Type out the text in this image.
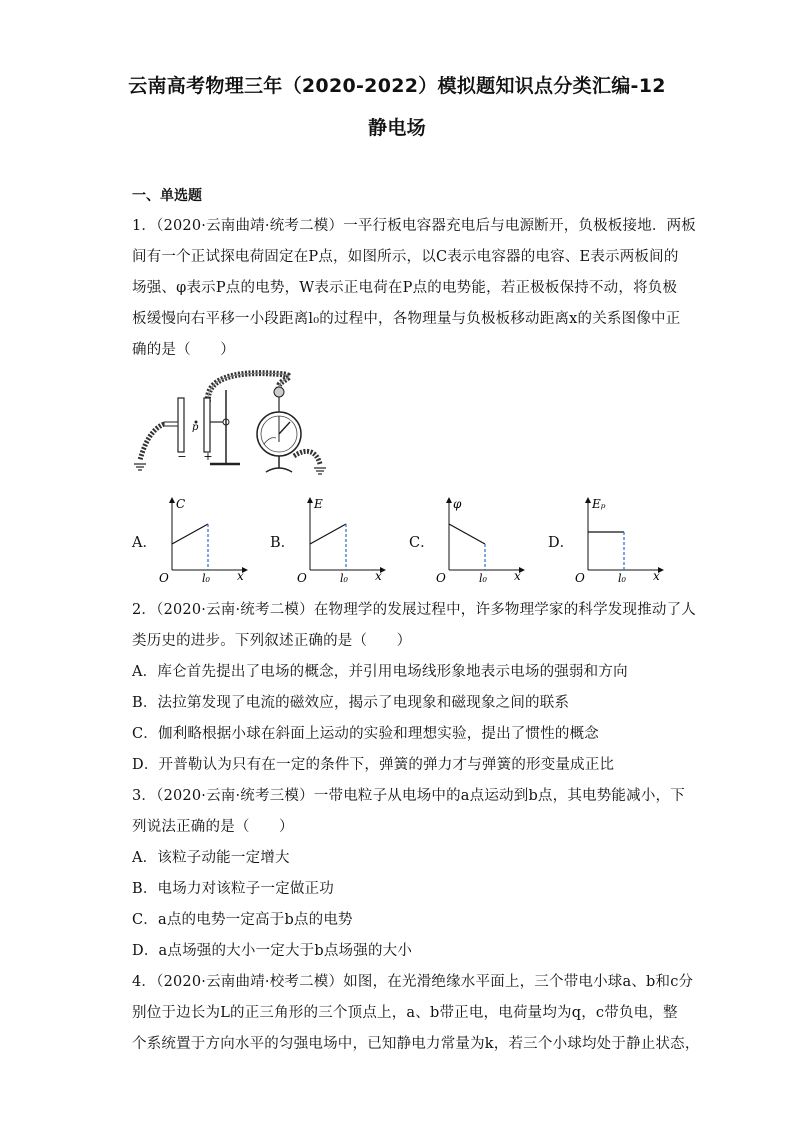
云南高考物理三年（2020-2022）模拟题知识点分类汇编-12
静电场
一、单选题
1．（2020·云南曲靖·统考二模）一平行板电容器充电后与电源断开，负极板接地．两板
间有一个正试探电荷固定在P点，如图所示，以C表示电容器的电容、E表示两板间的
场强、φ表示P点的电势，W表示正电荷在P点的电势能，若正极板保持不动，将负极
板缓慢向右平移一小段距离l₀的过程中，各物理量与负极板移动距离x的关系图像中正
确的是（　　）
− +
p
A．
C
O	l₀ x
B．
E
O	l₀ x
C．
φ
O	l₀ x
D．
Eₚ
O	l₀ x
2．（2020·云南·统考二模）在物理学的发展过程中，许多物理学家的科学发现推动了人
类历史的进步。下列叙述正确的是（　　）
A．库仑首先提出了电场的概念，并引用电场线形象地表示电场的强弱和方向
B．法拉第发现了电流的磁效应，揭示了电现象和磁现象之间的联系
C．伽利略根据小球在斜面上运动的实验和理想实验，提出了惯性的概念
D．开普勒认为只有在一定的条件下，弹簧的弹力才与弹簧的形变量成正比
3．（2020·云南·统考三模）一带电粒子从电场中的a点运动到b点，其电势能减小，下
列说法正确的是（　　）
A．该粒子动能一定增大
B．电场力对该粒子一定做正功
C．a点的电势一定高于b点的电势
D．a点场强的大小一定大于b点场强的大小
4．（2020·云南曲靖·校考二模）如图，在光滑绝缘水平面上，三个带电小球a、b和c分
别位于边长为L的正三角形的三个顶点上，a、b带正电，电荷量均为q，c带负电，整
个系统置于方向水平的匀强电场中，已知静电力常量为k，若三个小球均处于静止状态，
